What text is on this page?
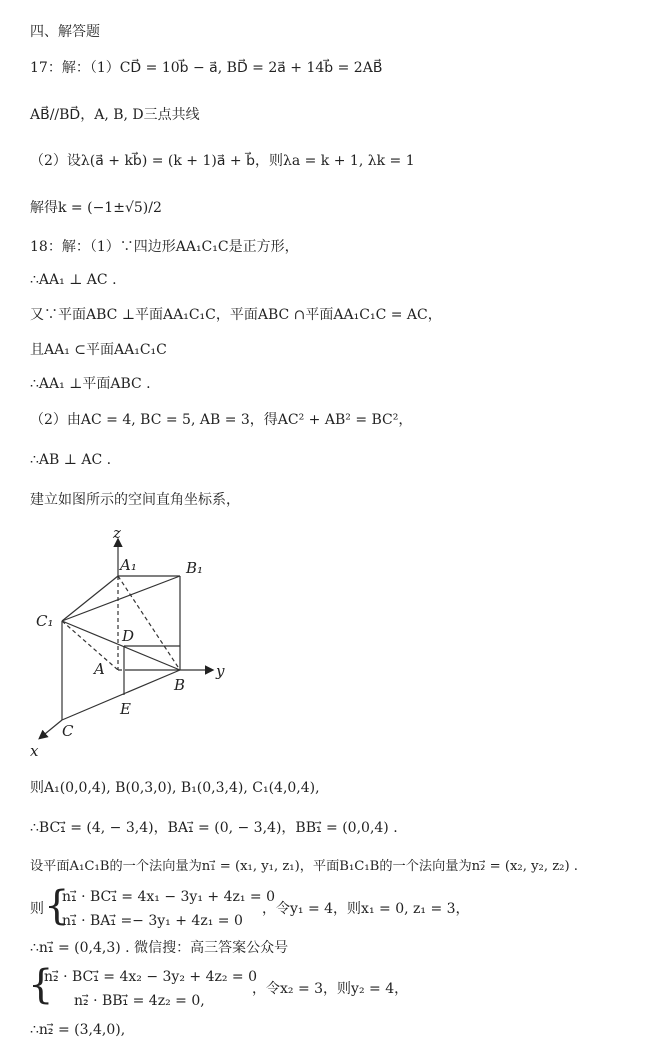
四、解答题
17：解：（1）CD⃗ = 10b⃗ − a⃗, BD⃗ = 2a⃗ + 14b⃗ = 2AB⃗
AB⃗//BD⃗，A, B, D三点共线
（2）设λ(a⃗ + kb⃗) = (k + 1)a⃗ + b⃗，则λa = k + 1, λk = 1
解得k = (−1±√5)/2
18：解：（1）∵四边形AA₁C₁C是正方形，
∴AA₁ ⊥ AC .
又∵平面ABC ⊥平面AA₁C₁C，平面ABC ∩平面AA₁C₁C = AC，
且AA₁ ⊂平面AA₁C₁C
∴AA₁ ⊥平面ABC .
（2）由AC = 4, BC = 5, AB = 3，得AC² + AB² = BC²，
∴AB ⊥ AC .
建立如图所示的空间直角坐标系，
z
A₁	B₁
C₁
D
A
B
y
E
C
x
则A₁(0,0,4), B(0,3,0), B₁(0,3,4), C₁(4,0,4),
∴BC₁⃗ = (4, − 3,4)，BA₁⃗ = (0, − 3,4)，BB₁⃗ = (0,0,4) .
设平面A₁C₁B的一个法向量为n₁⃗ = (x₁, y₁, z₁)，平面B₁C₁B的一个法向量为n₂⃗ = (x₂, y₂, z₂) .
则 {
n₁⃗ · BC₁⃗ = 4x₁ − 3y₁ + 4z₁ = 0
n₁⃗ · BA₁⃗ =− 3y₁ + 4z₁ = 0
，令y₁ = 4，则x₁ = 0, z₁ = 3，
∴n₁⃗ = (0,4,3) . 微信搜：高三答案公众号
{
n₂⃗ · BC₁⃗ = 4x₂ − 3y₂ + 4z₂ = 0
n₂⃗ · BB₁⃗ = 4z₂ = 0,
，令x₂ = 3，则y₂ = 4，
∴n₂⃗ = (3,4,0),
